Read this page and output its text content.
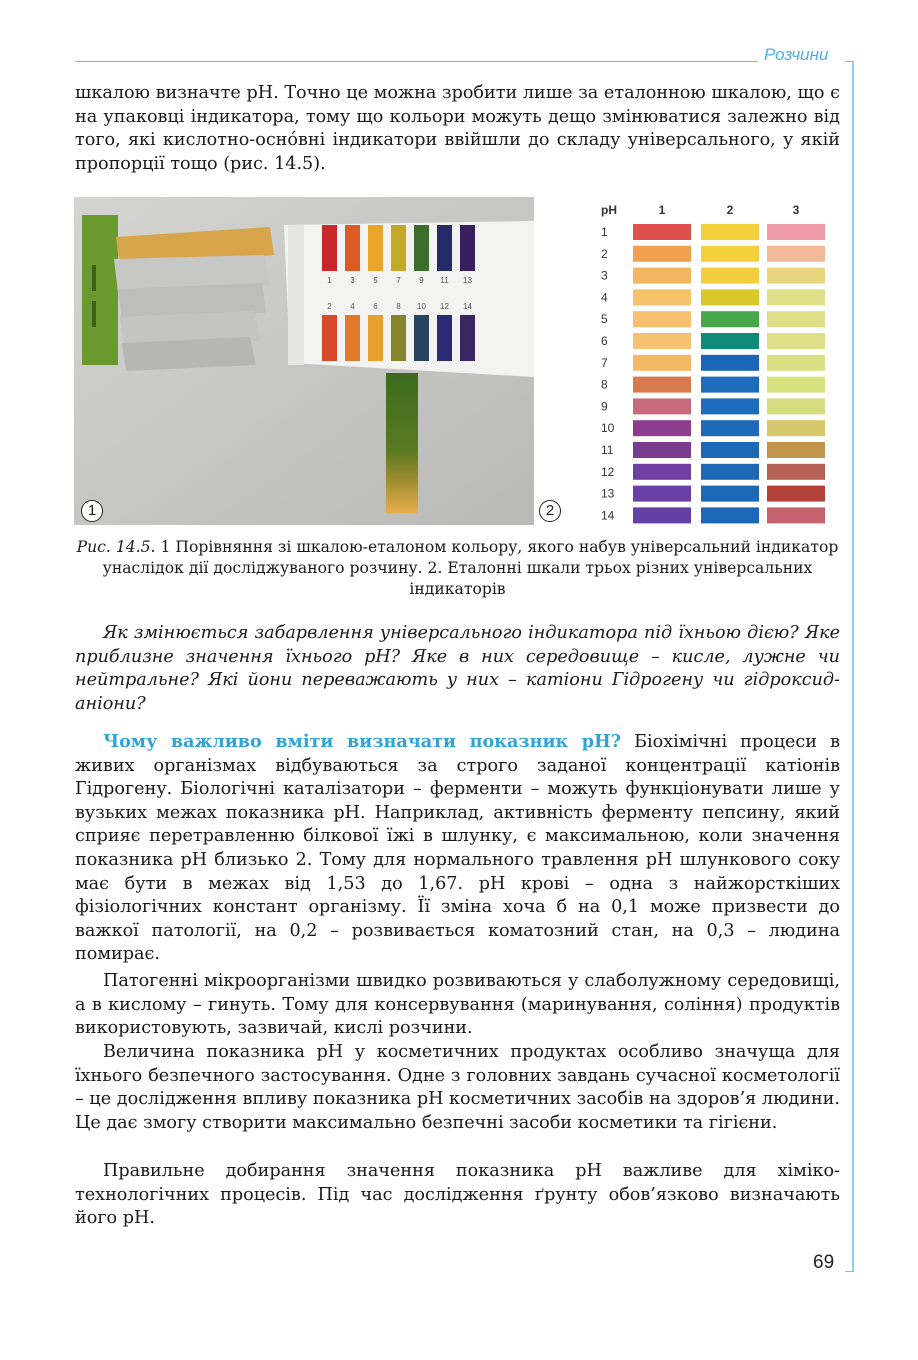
Розчини

шкалою визначте рН. Точно це можна зробити лише за еталонною шкалою, що є на упаковці індикатора, тому що кольори можуть дещо змінюватися залежно від того, які кислотно-оснóвні індикатори ввійшли до складу універсального, у якій пропорції тощо (рис. 14.5).

1 3 5 7 9 11 13
2 4 6 8 10 12 14
1	2
pH	1	2	3
1
2
3
4
5
6
7
8
9
10
11
12
13
14

Рис. 14.5. 1 Порівняння зі шкалою-еталоном кольору, якого набув універсальний індикатор унаслідок дії досліджуваного розчину. 2. Еталонні шкали трьох різних універсальних індикаторів

Як змінюється забарвлення універсального індикатора під їхньою дією? Яке приблизне значення їхнього рН? Яке в них середовище – кисле, лужне чи нейтральне? Які йони переважають у них – катіони Гідрогену чи гідроксид-аніони?

Чому важливо вміти визначати показник рН? Біохімічні процеси в живих організмах відбуваються за строго заданої концентрації катіонів Гідрогену. Біологічні каталізатори – ферменти – можуть функціонувати лише у вузьких межах показника рН. Наприклад, активність ферменту пепсину, який сприяє перетравленню білкової їжі в шлунку, є максимальною, коли значення показника рН близько 2. Тому для нормального травлення рН шлункового соку має бути в межах від 1,53 до 1,67. рН крові – одна з найжорсткіших фізіологічних констант організму. Її зміна хоча б на 0,1 може призвести до важкої патології, на 0,2 – розвивається коматозний стан, на 0,3 – людина помирає.

Патогенні мікроорганізми швидко розвиваються у слаболужному середовищі, а в кислому – гинуть. Тому для консервування (маринування, соління) продуктів використовують, зазвичай, кислі розчини.

Величина показника рН у косметичних продуктах особливо значуща для їхнього безпечного застосування. Одне з головних завдань сучасної косметології – це дослідження впливу показника рН косметичних засобів на здоров’я людини. Це дає змогу створити максимально безпечні засоби косметики та гігієни.

Правильне добирання значення показника рН важливе для хіміко-технологічних процесів. Під час дослідження ґрунту обов’язково визначають його рН.

69
